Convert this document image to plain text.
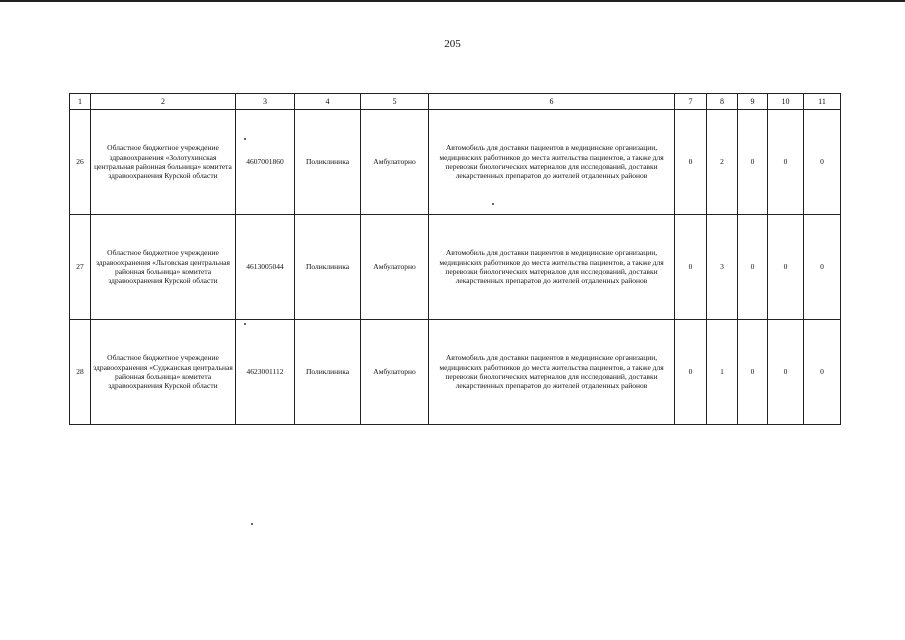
205
1	2	3	4	5	6	7	8	9	10	11
26	Областное бюджетное учреждение здравоохранения «Золотухинская центральная районная больница» комитета здравоохранения Курской области	4607001860	Поликлиника	Амбулаторно	Автомобиль для доставки пациентов в медицинские организации, медицинских работников до места жительства пациентов, а также для перевозки биологических материалов для исследований, доставки лекарственных препаратов до жителей отдаленных районов	0	2	0	0	0
27	Областное бюджетное учреждение здравоохранения «Льговская центральная районная больница» комитета здравоохранения Курской области	4613005044	Поликлиника	Амбулаторно	Автомобиль для доставки пациентов в медицинские организации, медицинских работников до места жительства пациентов, а также для перевозки биологических материалов для исследований, доставки лекарственных препаратов до жителей отдаленных районов	0	3	0	0	0
28	Областное бюджетное учреждение здравоохранения «Суджанская центральная районная больница» комитета здравоохранения Курской области	4623001112	Поликлиника	Амбулаторно	Автомобиль для доставки пациентов в медицинские организации, медицинских работников до места жительства пациентов, а также для перевозки биологических материалов для исследований, доставки лекарственных препаратов до жителей отдаленных районов	0	1	0	0	0
